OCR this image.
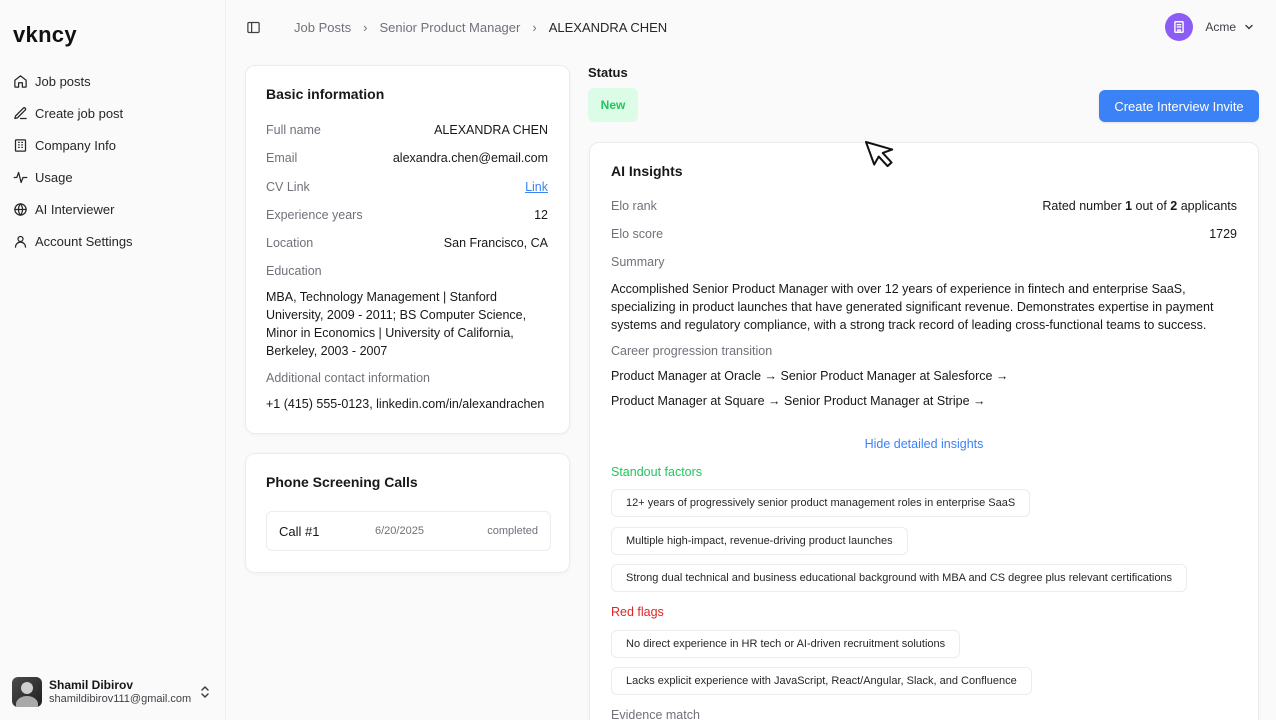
vkncy
Job posts
Create job post
Company Info
Usage
AI Interviewer
Account Settings
Shamil Dibirov
shamildibirov111@gmail.com
Job Posts › Senior Product Manager › ALEXANDRA CHEN	Acme
Basic information
Full name	ALEXANDRA CHEN
Email	alexandra.chen@email.com
CV Link	Link
Experience years	12
Location	San Francisco, CA
Education
MBA, Technology Management | Stanford University, 2009 - 2011; BS Computer Science, Minor in Economics | University of California, Berkeley, 2003 - 2007
Additional contact information
+1 (415) 555-0123, linkedin.com/in/alexandrachen
Phone Screening Calls
Call #1	6/20/2025	completed
Status
New	Create Interview Invite
AI Insights
Elo rank	Rated number 1 out of 2 applicants
Elo score	1729
Summary
Accomplished Senior Product Manager with over 12 years of experience in fintech and enterprise SaaS, specializing in product launches that have generated significant revenue. Demonstrates expertise in payment systems and regulatory compliance, with a strong track record of leading cross-functional teams to success.
Career progression transition
Product Manager at Oracle → Senior Product Manager at Salesforce →
Product Manager at Square → Senior Product Manager at Stripe →
Hide detailed insights
Standout factors
12+ years of progressively senior product management roles in enterprise SaaS
Multiple high-impact, revenue-driving product launches
Strong dual technical and business educational background with MBA and CS degree plus relevant certifications
Red flags
No direct experience in HR tech or AI-driven recruitment solutions
Lacks explicit experience with JavaScript, React/Angular, Slack, and Confluence
Evidence match
